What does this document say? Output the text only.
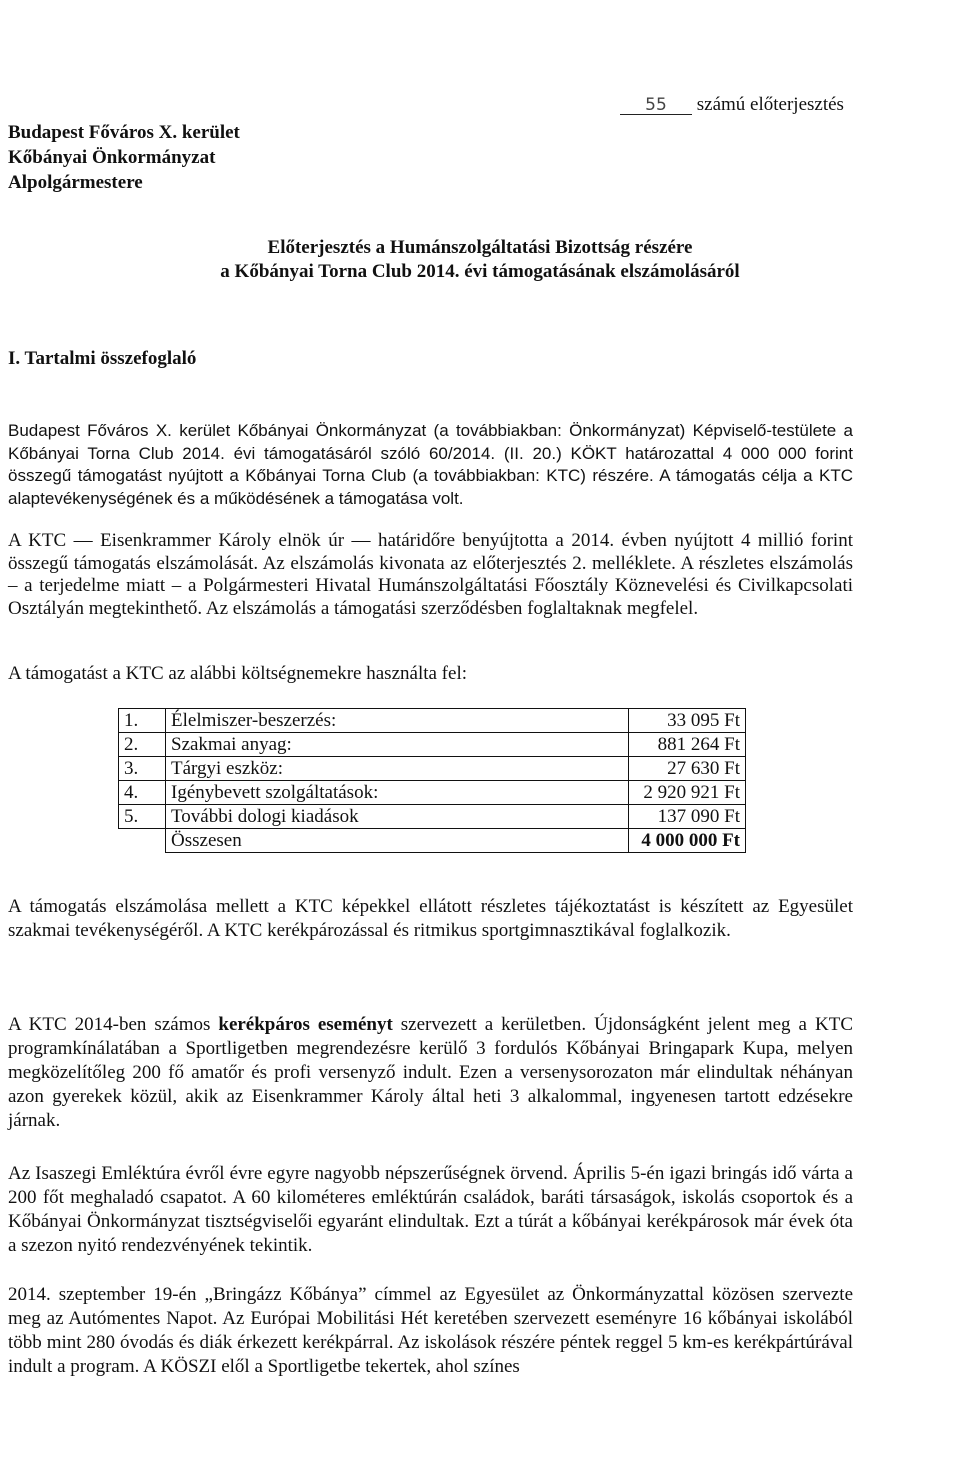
Budapest Főváros X. kerület
Kőbányai Önkormányzat
Alpolgármestere
55 számú előterjesztés
Előterjesztés a Humánszolgáltatási Bizottság részére
a Kőbányai Torna Club 2014. évi támogatásának elszámolásáról
I. Tartalmi összefoglaló
Budapest Főváros X. kerület Kőbányai Önkormányzat (a továbbiakban: Önkormányzat) Képviselő-testülete a Kőbányai Torna Club 2014. évi támogatásáról szóló 60/2014. (II. 20.) KÖKT határozattal 4 000 000 forint összegű támogatást nyújtott a Kőbányai Torna Club (a továbbiakban: KTC) részére. A támogatás célja a KTC alaptevékenységének és a működésének a támogatása volt.
A KTC — Eisenkrammer Károly elnök úr — határidőre benyújtotta a 2014. évben nyújtott 4 millió forint összegű támogatás elszámolását. Az elszámolás kivonata az előterjesztés 2. melléklete. A részletes elszámolás – a terjedelme miatt – a Polgármesteri Hivatal Humánszolgáltatási Főosztály Köznevelési és Civilkapcsolati Osztályán megtekinthető. Az elszámolás a támogatási szerződésben foglaltaknak megfelel.
A támogatást a KTC az alábbi költségnemekre használta fel:
1.	Élelmiszer-beszerzés:	33 095 Ft
2.	Szakmai anyag:	881 264 Ft
3.	Tárgyi eszköz:	27 630 Ft
4.	Igénybevett szolgáltatások:	2 920 921 Ft
5.	További dologi kiadások	137 090 Ft
	Összesen	4 000 000 Ft
A támogatás elszámolása mellett a KTC képekkel ellátott részletes tájékoztatást is készített az Egyesület szakmai tevékenységéről. A KTC kerékpározással és ritmikus sportgimnasztikával foglalkozik.
A KTC 2014-ben számos kerékpáros eseményt szervezett a kerületben. Újdonságként jelent meg a KTC programkínálatában a Sportligetben megrendezésre kerülő 3 fordulós Kőbányai Bringapark Kupa, melyen megközelítőleg 200 fő amatőr és profi versenyző indult. Ezen a versenysorozaton már elindultak néhányan azon gyerekek közül, akik az Eisenkrammer Károly által heti 3 alkalommal, ingyenesen tartott edzésekre járnak.
Az Isaszegi Emléktúra évről évre egyre nagyobb népszerűségnek örvend. Április 5-én igazi bringás idő várta a 200 főt meghaladó csapatot. A 60 kilométeres emléktúrán családok, baráti társaságok, iskolás csoportok és a Kőbányai Önkormányzat tisztségviselői egyaránt elindultak. Ezt a túrát a kőbányai kerékpárosok már évek óta a szezon nyitó rendezvényének tekintik.
2014. szeptember 19-én „Bringázz Kőbánya” címmel az Egyesület az Önkormányzattal közösen szervezte meg az Autómentes Napot. Az Európai Mobilitási Hét keretében szervezett eseményre 16 kőbányai iskolából több mint 280 óvodás és diák érkezett kerékpárral. Az iskolások részére péntek reggel 5 km-es kerékpártúrával indult a program. A KÖSZI elől a Sportligetbe tekertek, ahol színes
